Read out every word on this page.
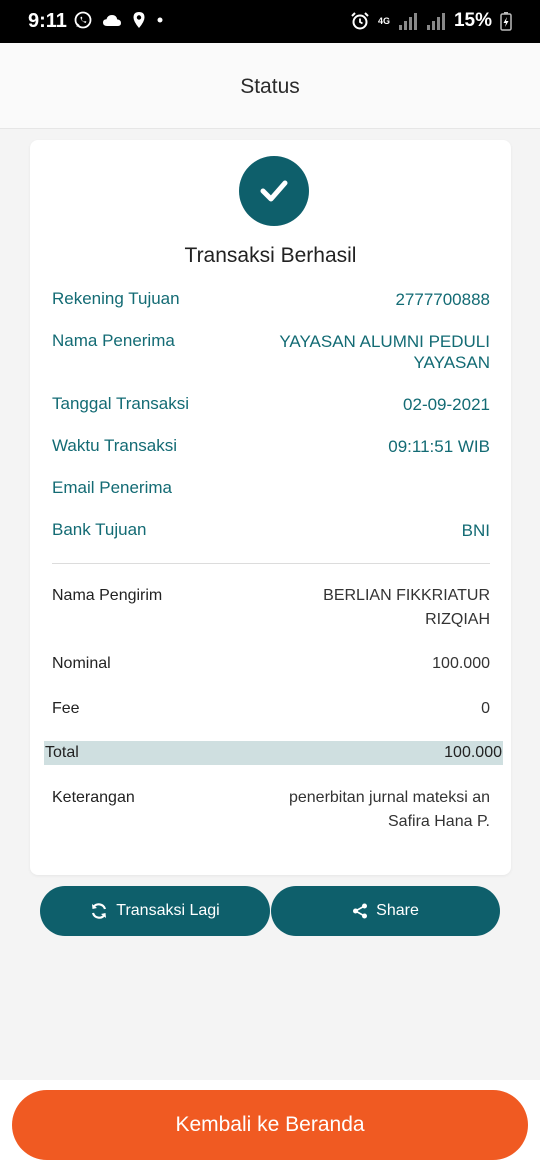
9:11	4G	15%
Status
Transaksi Berhasil
Rekening Tujuan	2777700888
Nama Penerima	YAYASAN ALUMNI PEDULI
YAYASAN
Tanggal Transaksi	02-09-2021
Waktu Transaksi	09:11:51 WIB
Email Penerima
Bank Tujuan	BNI
Nama Pengirim	BERLIAN FIKKRIATUR
RIZQIAH
Nominal	100.000
Fee	0
Total	100.000
Keterangan	penerbitan jurnal mateksi an
Safira Hana P.
Transaksi Lagi	Share
Kembali ke Beranda
